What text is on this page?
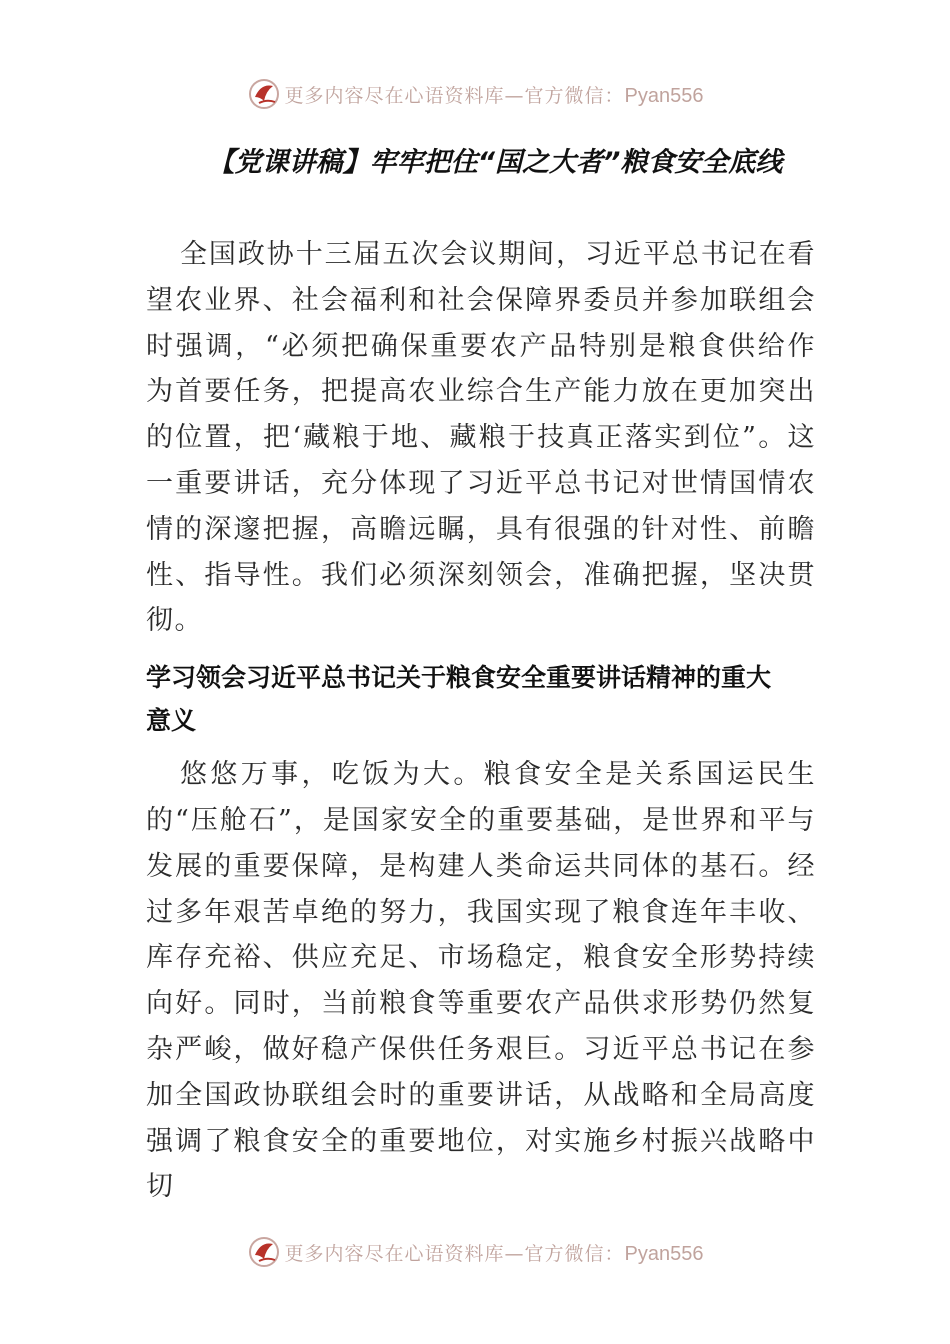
更多内容尽在心语资料库—官方微信：Pyan556
【党课讲稿】牢牢把住“国之大者”粮食安全底线

全国政协十三届五次会议期间，习近平总书记在看望农业界、社会福利和社会保障界委员并参加联组会时强调，“必须把确保重要农产品特别是粮食供给作为首要任务，把提高农业综合生产能力放在更加突出的位置，把‘藏粮于地、藏粮于技真正落实到位”。这一重要讲话，充分体现了习近平总书记对世情国情农情的深邃把握，高瞻远瞩，具有很强的针对性、前瞻性、指导性。我们必须深刻领会，准确把握，坚决贯彻。

学习领会习近平总书记关于粮食安全重要讲话精神的重大意义

悠悠万事，吃饭为大。粮食安全是关系国运民生的“压舱石”，是国家安全的重要基础，是世界和平与发展的重要保障，是构建人类命运共同体的基石。经过多年艰苦卓绝的努力，我国实现了粮食连年丰收、库存充裕、供应充足、市场稳定，粮食安全形势持续向好。同时，当前粮食等重要农产品供求形势仍然复杂严峻，做好稳产保供任务艰巨。习近平总书记在参加全国政协联组会时的重要讲话，从战略和全局高度强调了粮食安全的重要地位，对实施乡村振兴战略中切

更多内容尽在心语资料库—官方微信：Pyan556
